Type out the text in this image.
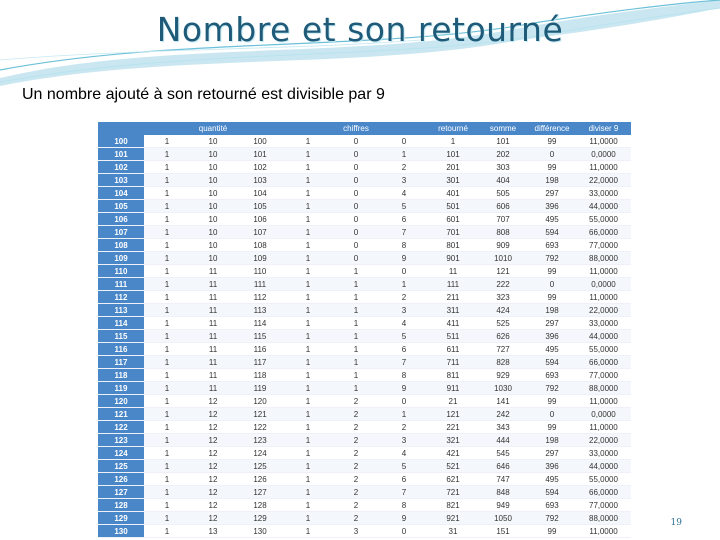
Nombre et son retourné
Un nombre ajouté à son retourné est divisible par 9
		quantité			chiffres		retourné	somme	différence	diviser 9
100	1	10	100	1	0	0	1	101	99	11,0000
101	1	10	101	1	0	1	101	202	0	0,0000
102	1	10	102	1	0	2	201	303	99	11,0000
103	1	10	103	1	0	3	301	404	198	22,0000
104	1	10	104	1	0	4	401	505	297	33,0000
105	1	10	105	1	0	5	501	606	396	44,0000
106	1	10	106	1	0	6	601	707	495	55,0000
107	1	10	107	1	0	7	701	808	594	66,0000
108	1	10	108	1	0	8	801	909	693	77,0000
109	1	10	109	1	0	9	901	1010	792	88,0000
110	1	11	110	1	1	0	11	121	99	11,0000
111	1	11	111	1	1	1	111	222	0	0,0000
112	1	11	112	1	1	2	211	323	99	11,0000
113	1	11	113	1	1	3	311	424	198	22,0000
114	1	11	114	1	1	4	411	525	297	33,0000
115	1	11	115	1	1	5	511	626	396	44,0000
116	1	11	116	1	1	6	611	727	495	55,0000
117	1	11	117	1	1	7	711	828	594	66,0000
118	1	11	118	1	1	8	811	929	693	77,0000
119	1	11	119	1	1	9	911	1030	792	88,0000
120	1	12	120	1	2	0	21	141	99	11,0000
121	1	12	121	1	2	1	121	242	0	0,0000
122	1	12	122	1	2	2	221	343	99	11,0000
123	1	12	123	1	2	3	321	444	198	22,0000
124	1	12	124	1	2	4	421	545	297	33,0000
125	1	12	125	1	2	5	521	646	396	44,0000
126	1	12	126	1	2	6	621	747	495	55,0000
127	1	12	127	1	2	7	721	848	594	66,0000
128	1	12	128	1	2	8	821	949	693	77,0000
129	1	12	129	1	2	9	921	1050	792	88,0000
130	1	13	130	1	3	0	31	151	99	11,0000
19
